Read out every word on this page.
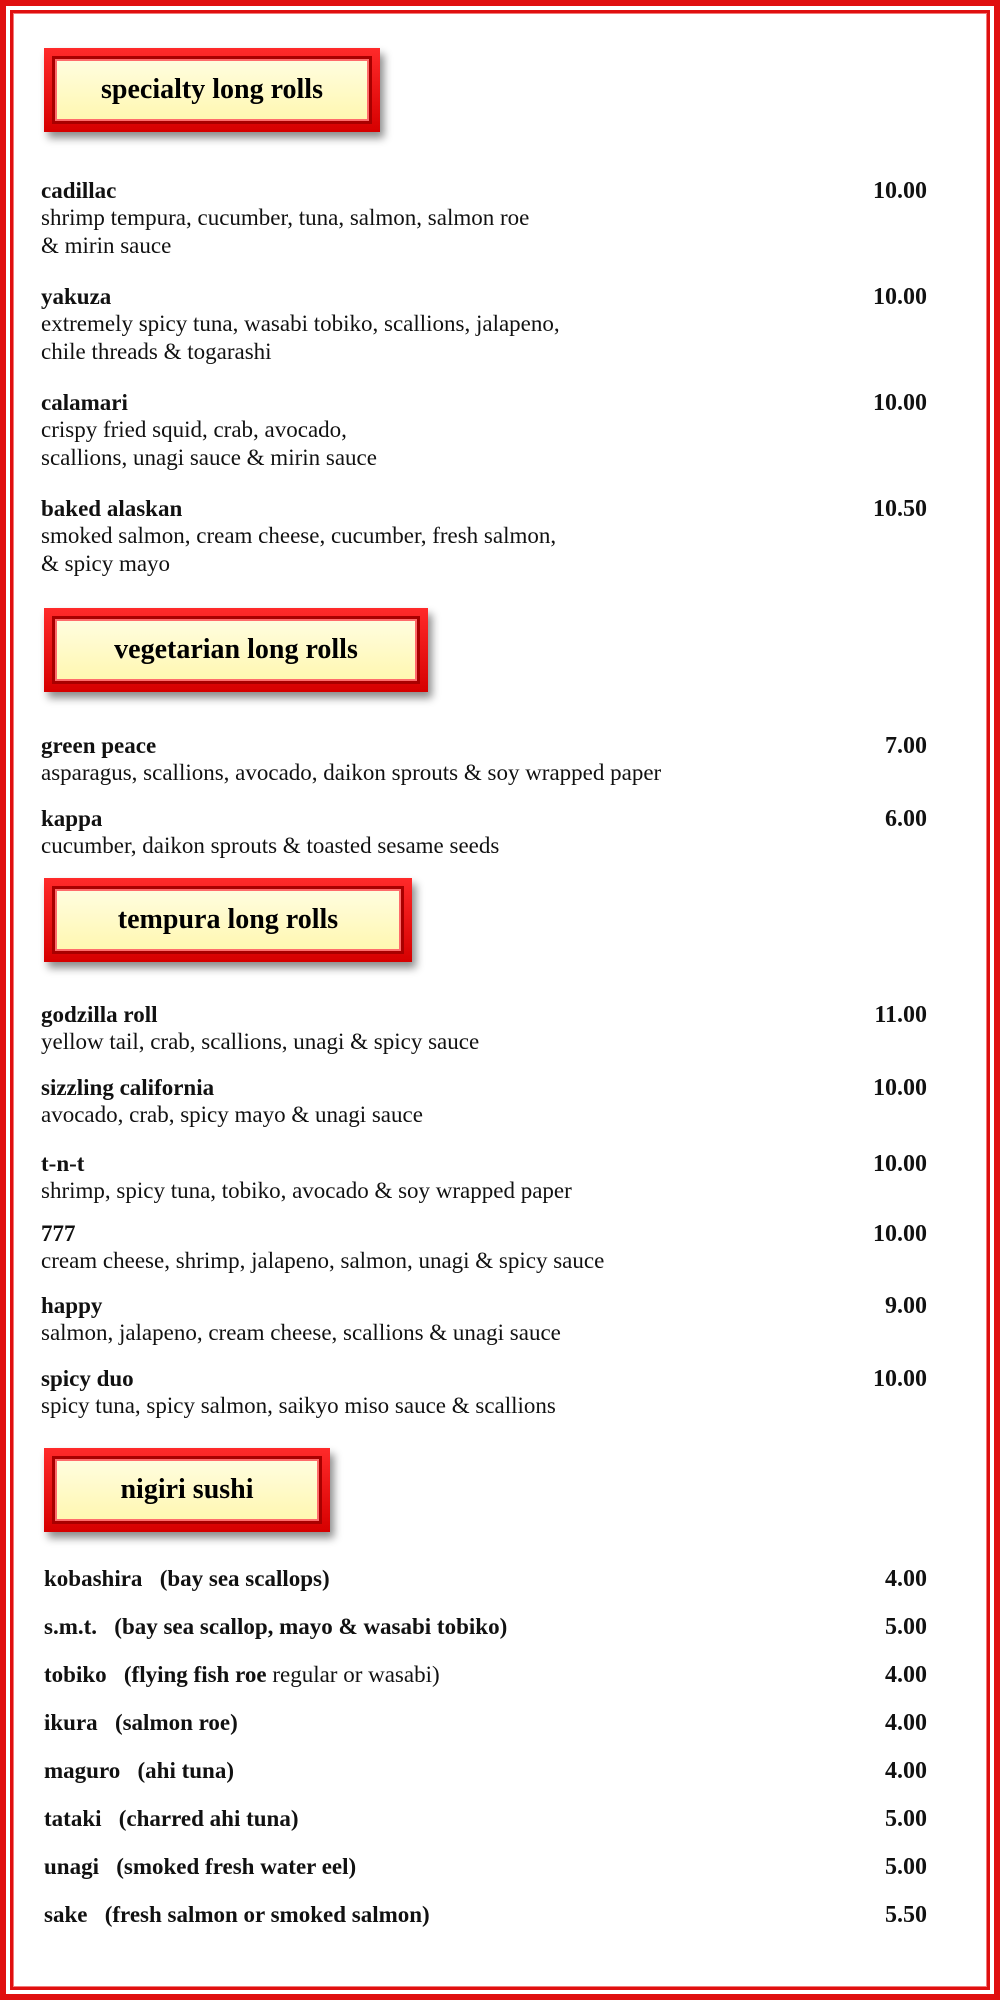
specialty long rolls
vegetarian long rolls
tempura long rolls
nigiri sushi
cadillac
shrimp tempura, cucumber, tuna, salmon, salmon roe
& mirin sauce
10.00
yakuza
extremely spicy tuna, wasabi tobiko, scallions, jalapeno,
chile threads & togarashi
10.00
calamari
crispy fried squid, crab, avocado,
scallions, unagi sauce & mirin sauce
10.00
baked alaskan
smoked salmon, cream cheese, cucumber, fresh salmon,
& spicy mayo
10.50
green peace
asparagus, scallions, avocado, daikon sprouts & soy wrapped paper
7.00
kappa
cucumber, daikon sprouts & toasted sesame seeds
6.00
godzilla roll
yellow tail, crab, scallions, unagi & spicy sauce
11.00
sizzling california
avocado, crab, spicy mayo & unagi sauce
10.00
t-n-t
shrimp, spicy tuna, tobiko, avocado & soy wrapped paper
10.00
777
cream cheese, shrimp, jalapeno, salmon, unagi & spicy sauce
10.00
happy
salmon, jalapeno, cream cheese, scallions & unagi sauce
9.00
spicy duo
spicy tuna, spicy salmon, saikyo miso sauce & scallions
10.00
kobashira (bay sea scallops)	4.00
s.m.t. (bay sea scallop, mayo & wasabi tobiko)	5.00
tobiko (flying fish roe regular or wasabi)	4.00
ikura (salmon roe)	4.00
maguro (ahi tuna)	4.00
tataki (charred ahi tuna)	5.00
unagi (smoked fresh water eel)	5.00
sake (fresh salmon or smoked salmon)	5.50
